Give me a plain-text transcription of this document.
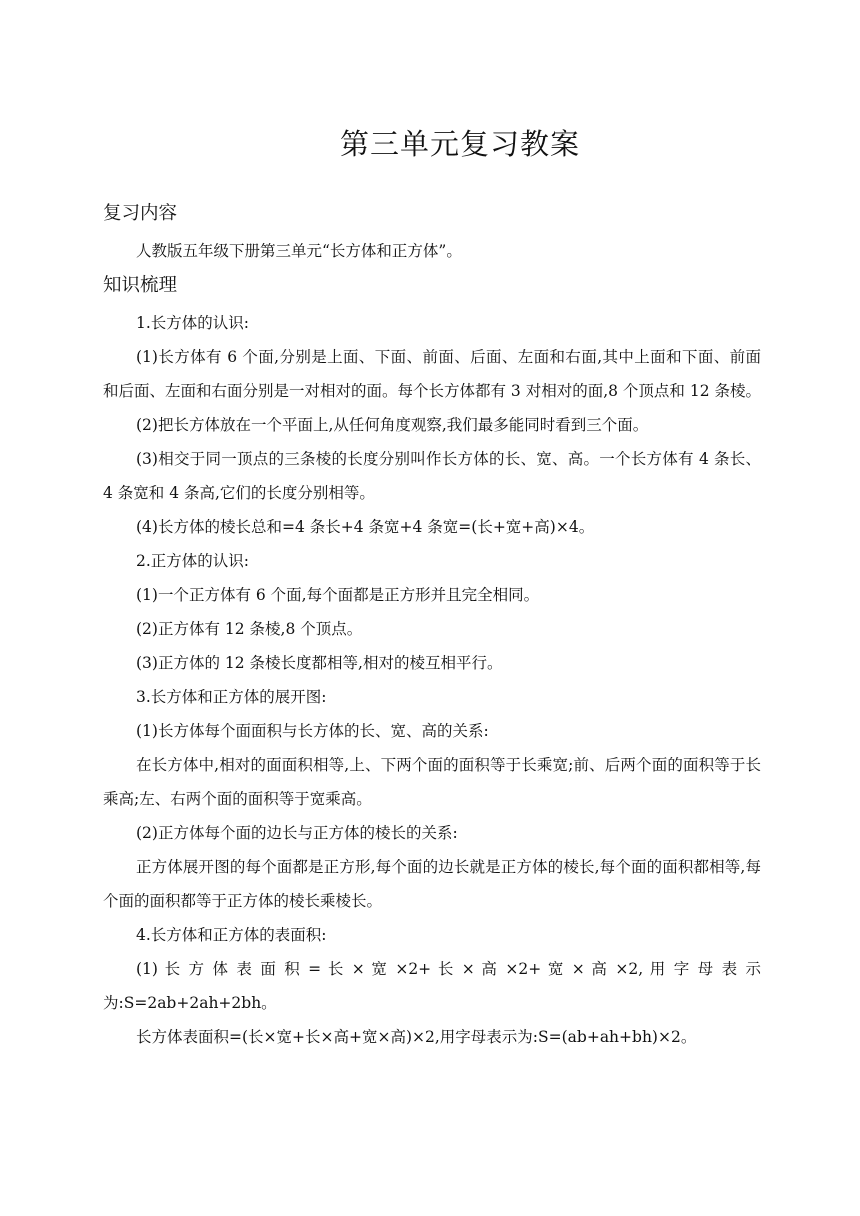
第三单元复习教案
复习内容

人教版五年级下册第三单元“长方体和正方体”。

知识梳理

1.长方体的认识:

(1)长方体有 6 个面,分别是上面、下面、前面、后面、左面和右面,其中上面和下面、前面和后面、左面和右面分别是一对相对的面。每个长方体都有 3 对相对的面,8 个顶点和 12 条棱。

(2)把长方体放在一个平面上,从任何角度观察,我们最多能同时看到三个面。

(3)相交于同一顶点的三条棱的长度分别叫作长方体的长、宽、高。一个长方体有 4 条长、4 条宽和 4 条高,它们的长度分别相等。

(4)长方体的棱长总和=4 条长+4 条宽+4 条宽=(长+宽+高)×4。

2.正方体的认识:

(1)一个正方体有 6 个面,每个面都是正方形并且完全相同。

(2)正方体有 12 条棱,8 个顶点。

(3)正方体的 12 条棱长度都相等,相对的棱互相平行。

3.长方体和正方体的展开图:

(1)长方体每个面面积与长方体的长、宽、高的关系:

在长方体中,相对的面面积相等,上、下两个面的面积等于长乘宽;前、后两个面的面积等于长乘高;左、右两个面的面积等于宽乘高。

(2)正方体每个面的边长与正方体的棱长的关系:

正方体展开图的每个面都是正方形,每个面的边长就是正方体的棱长,每个面的面积都相等,每个面的面积都等于正方体的棱长乘棱长。

4.长方体和正方体的表面积:

(1) 长 方 体 表 面 积 = 长 × 宽 ×2+ 长 × 高 ×2+ 宽 × 高 ×2, 用 字 母 表 示 为:S=2ab+2ah+2bh。

长方体表面积=(长×宽+长×高+宽×高)×2,用字母表示为:S=(ab+ah+bh)×2。
